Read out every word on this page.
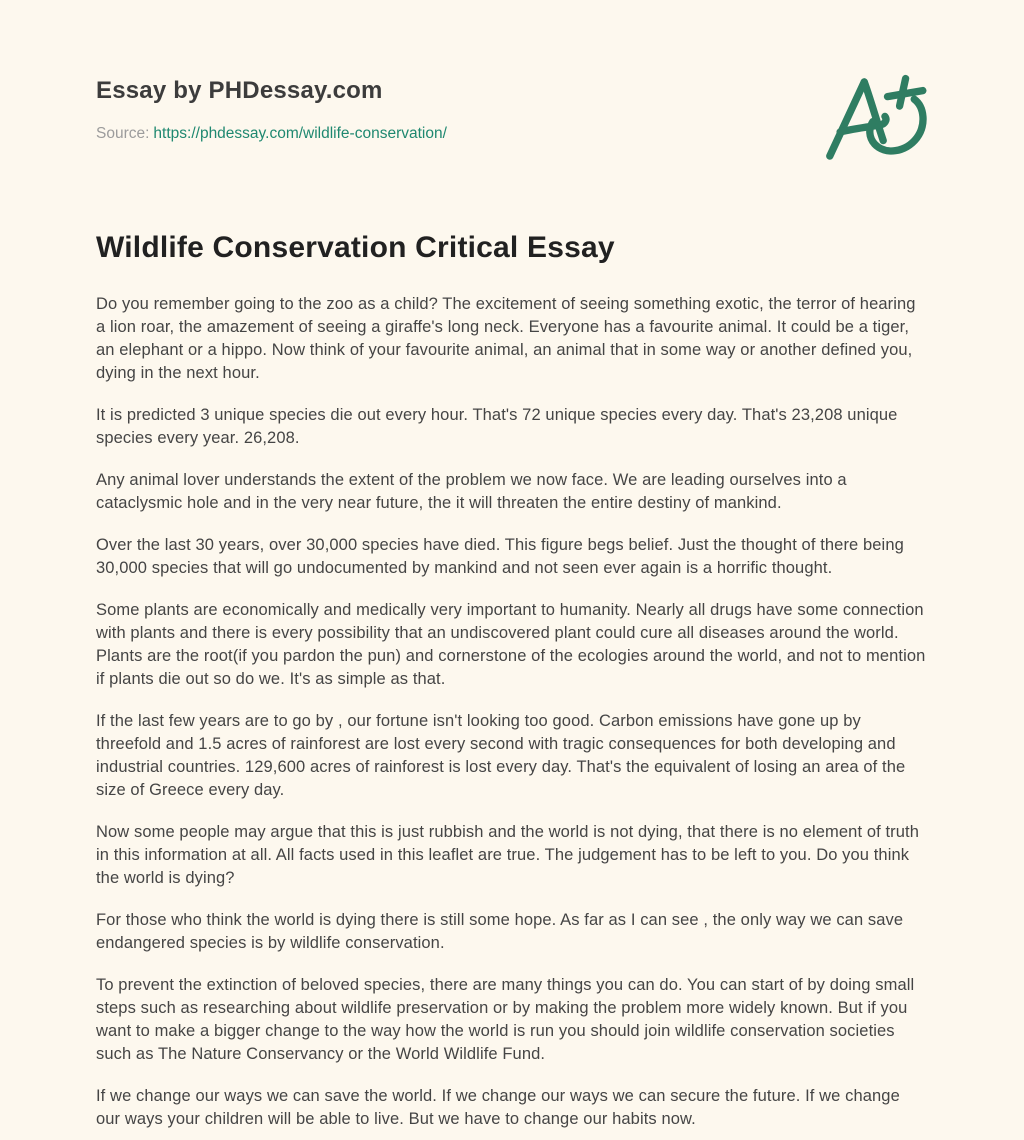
Essay by PHDessay.com
Source: https://phdessay.com/wildlife-conservation/
Wildlife Conservation Critical Essay

Do you remember going to the zoo as a child? The excitement of seeing something exotic, the terror of hearing a lion roar, the amazement of seeing a giraffe's long neck. Everyone has a favourite animal. It could be a tiger, an elephant or a hippo. Now think of your favourite animal, an animal that in some way or another defined you, dying in the next hour.

It is predicted 3 unique species die out every hour. That's 72 unique species every day. That's 23,208 unique species every year. 26,208.

Any animal lover understands the extent of the problem we now face. We are leading ourselves into a cataclysmic hole and in the very near future, the it will threaten the entire destiny of mankind.

Over the last 30 years, over 30,000 species have died. This figure begs belief. Just the thought of there being 30,000 species that will go undocumented by mankind and not seen ever again is a horrific thought.

Some plants are economically and medically very important to humanity. Nearly all drugs have some connection with plants and there is every possibility that an undiscovered plant could cure all diseases around the world. Plants are the root(if you pardon the pun) and cornerstone of the ecologies around the world, and not to mention if plants die out so do we. It's as simple as that.

If the last few years are to go by , our fortune isn't looking too good. Carbon emissions have gone up by threefold and 1.5 acres of rainforest are lost every second with tragic consequences for both developing and industrial countries. 129,600 acres of rainforest is lost every day. That's the equivalent of losing an area of the size of Greece every day.

Now some people may argue that this is just rubbish and the world is not dying, that there is no element of truth in this information at all. All facts used in this leaflet are true. The judgement has to be left to you. Do you think the world is dying?

For those who think the world is dying there is still some hope. As far as I can see , the only way we can save endangered species is by wildlife conservation.

To prevent the extinction of beloved species, there are many things you can do. You can start of by doing small steps such as researching about wildlife preservation or by making the problem more widely known. But if you want to make a bigger change to the way how the world is run you should join wildlife conservation societies such as The Nature Conservancy or the World Wildlife Fund.

If we change our ways we can save the world. If we change our ways we can secure the future. If we change our ways your children will be able to live. But we have to change our habits now.
